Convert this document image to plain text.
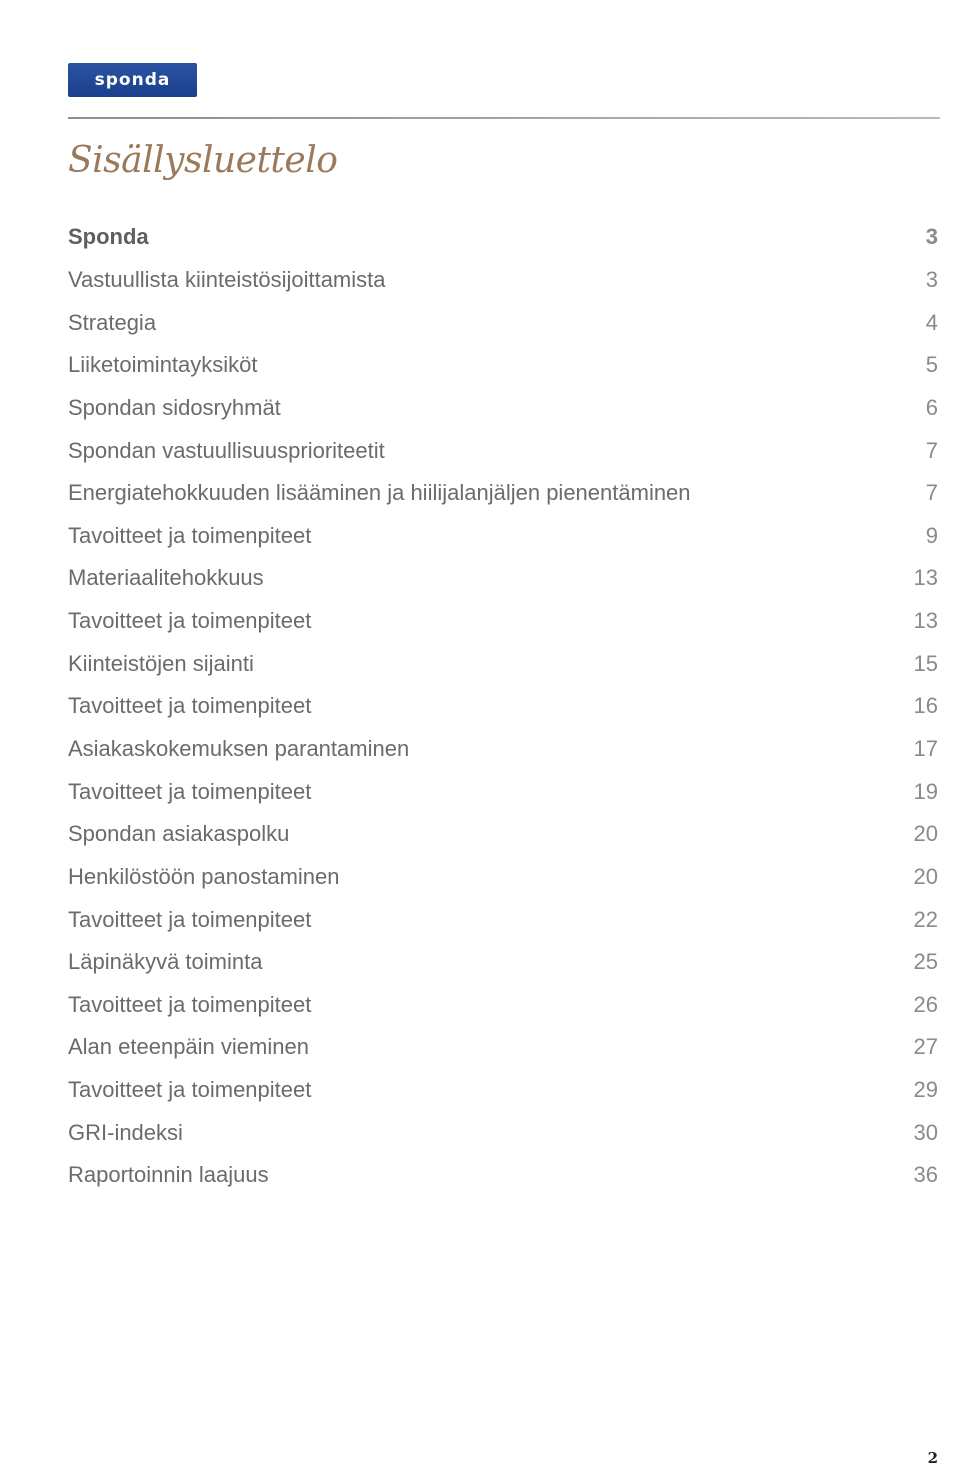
sponda
Sisällysluettelo
Sponda	3
Vastuullista kiinteistösijoittamista	3
Strategia	4
Liiketoimintayksiköt	5
Spondan sidosryhmät	6
Spondan vastuullisuusprioriteetit	7
Energiatehokkuuden lisääminen ja hiilijalanjäljen pienentäminen	7
Tavoitteet ja toimenpiteet	9
Materiaalitehokkuus	13
Tavoitteet ja toimenpiteet	13
Kiinteistöjen sijainti	15
Tavoitteet ja toimenpiteet	16
Asiakaskokemuksen parantaminen	17
Tavoitteet ja toimenpiteet	19
Spondan asiakaspolku	20
Henkilöstöön panostaminen	20
Tavoitteet ja toimenpiteet	22
Läpinäkyvä toiminta	25
Tavoitteet ja toimenpiteet	26
Alan eteenpäin vieminen	27
Tavoitteet ja toimenpiteet	29
GRI-indeksi	30
Raportoinnin laajuus	36
2
